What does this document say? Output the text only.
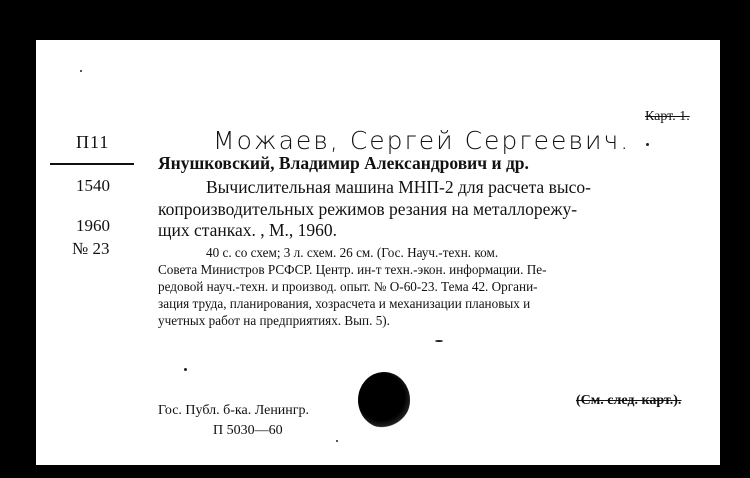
Карт. 1.
Можаев, Сергей Сергеевич.
П11
1540
1960
№ 23
Янушковский, Владимир Александрович и др.
Вычислительная машина МНП-2 для расчета высо-
копроизводительных режимов резания на металлорежу-
щих станках. , М., 1960.
40 с. со схем; 3 л. схем. 26 см. (Гос. Науч.-техн. ком.
Совета Министров РСФСР. Центр. ин-т техн.-экон. информации. Пе-
редовой науч.-техн. и производ. опыт. № О-60-23. Тема 42. Органи-
зация труда, планирования, хозрасчета и механизации плановых и
учетных работ на предприятиях. Вып. 5).
Гос. Публ. б-ка. Ленингр.
П 5030—60
(См. след. карт.).
